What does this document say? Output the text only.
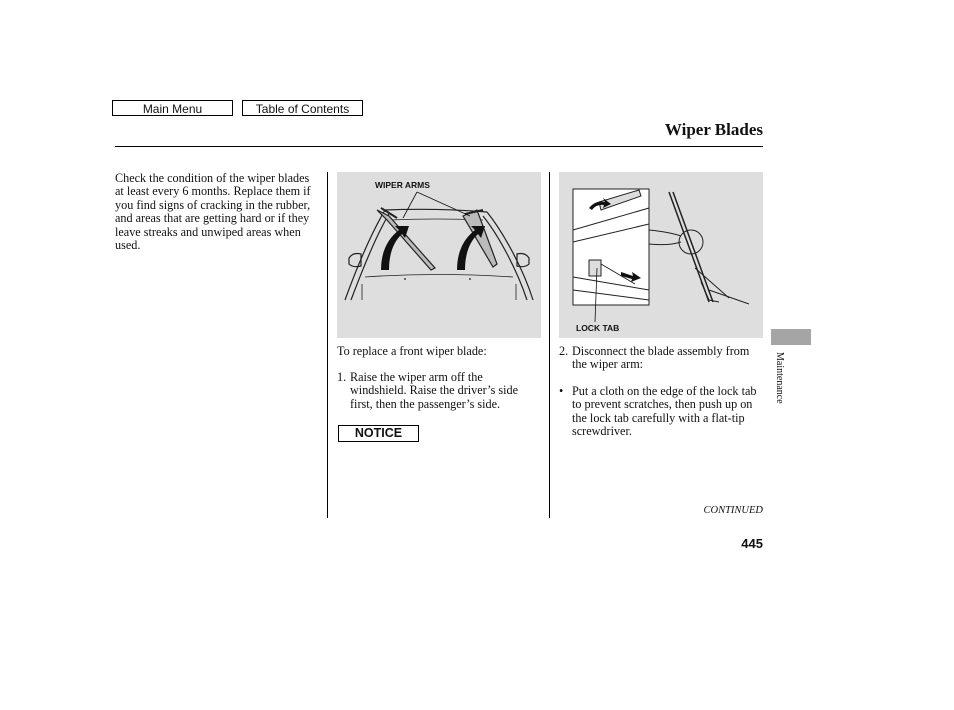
Main Menu	Table of Contents
Wiper Blades
Check the condition of the wiper blades at least every 6 months. Replace them if you find signs of cracking in the rubber, and areas that are getting hard or if they leave streaks and unwiped areas when used.
WIPER ARMS
To replace a front wiper blade:
1. Raise the wiper arm off the windshield. Raise the driver’s side first, then the passenger’s side.
NOTICE
LOCK TAB
2. Disconnect the blade assembly from the wiper arm:
• Put a cloth on the edge of the lock tab to prevent scratches, then push up on the lock tab carefully with a flat-tip screwdriver.
CONTINUED
445
Maintenance
